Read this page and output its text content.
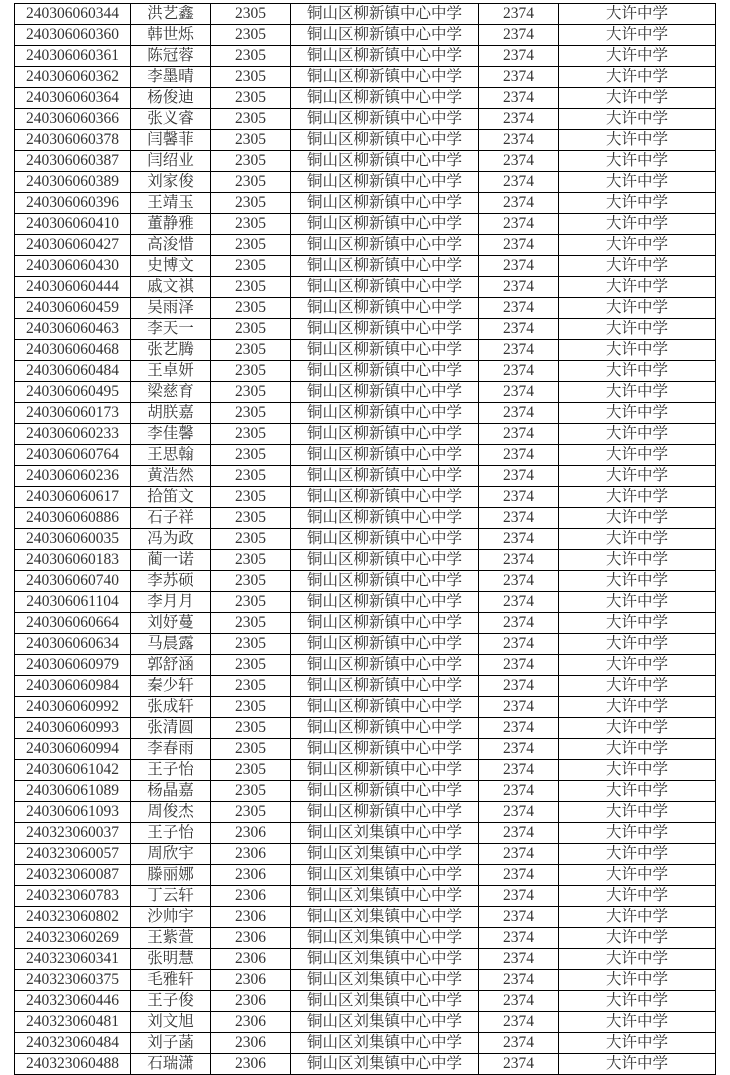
240306060344	洪艺鑫	2305	铜山区柳新镇中心中学	2374	大许中学
240306060360	韩世烁	2305	铜山区柳新镇中心中学	2374	大许中学
240306060361	陈冠蓉	2305	铜山区柳新镇中心中学	2374	大许中学
240306060362	李墨晴	2305	铜山区柳新镇中心中学	2374	大许中学
240306060364	杨俊迪	2305	铜山区柳新镇中心中学	2374	大许中学
240306060366	张义睿	2305	铜山区柳新镇中心中学	2374	大许中学
240306060378	闫馨菲	2305	铜山区柳新镇中心中学	2374	大许中学
240306060387	闫绍业	2305	铜山区柳新镇中心中学	2374	大许中学
240306060389	刘家俊	2305	铜山区柳新镇中心中学	2374	大许中学
240306060396	王靖玉	2305	铜山区柳新镇中心中学	2374	大许中学
240306060410	董静雅	2305	铜山区柳新镇中心中学	2374	大许中学
240306060427	高浚惜	2305	铜山区柳新镇中心中学	2374	大许中学
240306060430	史博文	2305	铜山区柳新镇中心中学	2374	大许中学
240306060444	戚文祺	2305	铜山区柳新镇中心中学	2374	大许中学
240306060459	吴雨泽	2305	铜山区柳新镇中心中学	2374	大许中学
240306060463	李天一	2305	铜山区柳新镇中心中学	2374	大许中学
240306060468	张艺腾	2305	铜山区柳新镇中心中学	2374	大许中学
240306060484	王卓妍	2305	铜山区柳新镇中心中学	2374	大许中学
240306060495	梁慈育	2305	铜山区柳新镇中心中学	2374	大许中学
240306060173	胡朕嘉	2305	铜山区柳新镇中心中学	2374	大许中学
240306060233	李佳馨	2305	铜山区柳新镇中心中学	2374	大许中学
240306060764	王思翰	2305	铜山区柳新镇中心中学	2374	大许中学
240306060236	黄浩然	2305	铜山区柳新镇中心中学	2374	大许中学
240306060617	拾笛文	2305	铜山区柳新镇中心中学	2374	大许中学
240306060886	石子祥	2305	铜山区柳新镇中心中学	2374	大许中学
240306060035	冯为政	2305	铜山区柳新镇中心中学	2374	大许中学
240306060183	蔺一诺	2305	铜山区柳新镇中心中学	2374	大许中学
240306060740	李苏硕	2305	铜山区柳新镇中心中学	2374	大许中学
240306061104	李月月	2305	铜山区柳新镇中心中学	2374	大许中学
240306060664	刘妤蔓	2305	铜山区柳新镇中心中学	2374	大许中学
240306060634	马晨露	2305	铜山区柳新镇中心中学	2374	大许中学
240306060979	郭舒涵	2305	铜山区柳新镇中心中学	2374	大许中学
240306060984	秦少轩	2305	铜山区柳新镇中心中学	2374	大许中学
240306060992	张成轩	2305	铜山区柳新镇中心中学	2374	大许中学
240306060993	张清圆	2305	铜山区柳新镇中心中学	2374	大许中学
240306060994	李春雨	2305	铜山区柳新镇中心中学	2374	大许中学
240306061042	王子怡	2305	铜山区柳新镇中心中学	2374	大许中学
240306061089	杨晶嘉	2305	铜山区柳新镇中心中学	2374	大许中学
240306061093	周俊杰	2305	铜山区柳新镇中心中学	2374	大许中学
240323060037	王子怡	2306	铜山区刘集镇中心中学	2374	大许中学
240323060057	周欣宇	2306	铜山区刘集镇中心中学	2374	大许中学
240323060087	滕丽娜	2306	铜山区刘集镇中心中学	2374	大许中学
240323060783	丁云轩	2306	铜山区刘集镇中心中学	2374	大许中学
240323060802	沙帅宇	2306	铜山区刘集镇中心中学	2374	大许中学
240323060269	王紫萱	2306	铜山区刘集镇中心中学	2374	大许中学
240323060341	张明慧	2306	铜山区刘集镇中心中学	2374	大许中学
240323060375	毛雅轩	2306	铜山区刘集镇中心中学	2374	大许中学
240323060446	王子俊	2306	铜山区刘集镇中心中学	2374	大许中学
240323060481	刘文旭	2306	铜山区刘集镇中心中学	2374	大许中学
240323060484	刘子菡	2306	铜山区刘集镇中心中学	2374	大许中学
240323060488	石瑞潇	2306	铜山区刘集镇中心中学	2374	大许中学
